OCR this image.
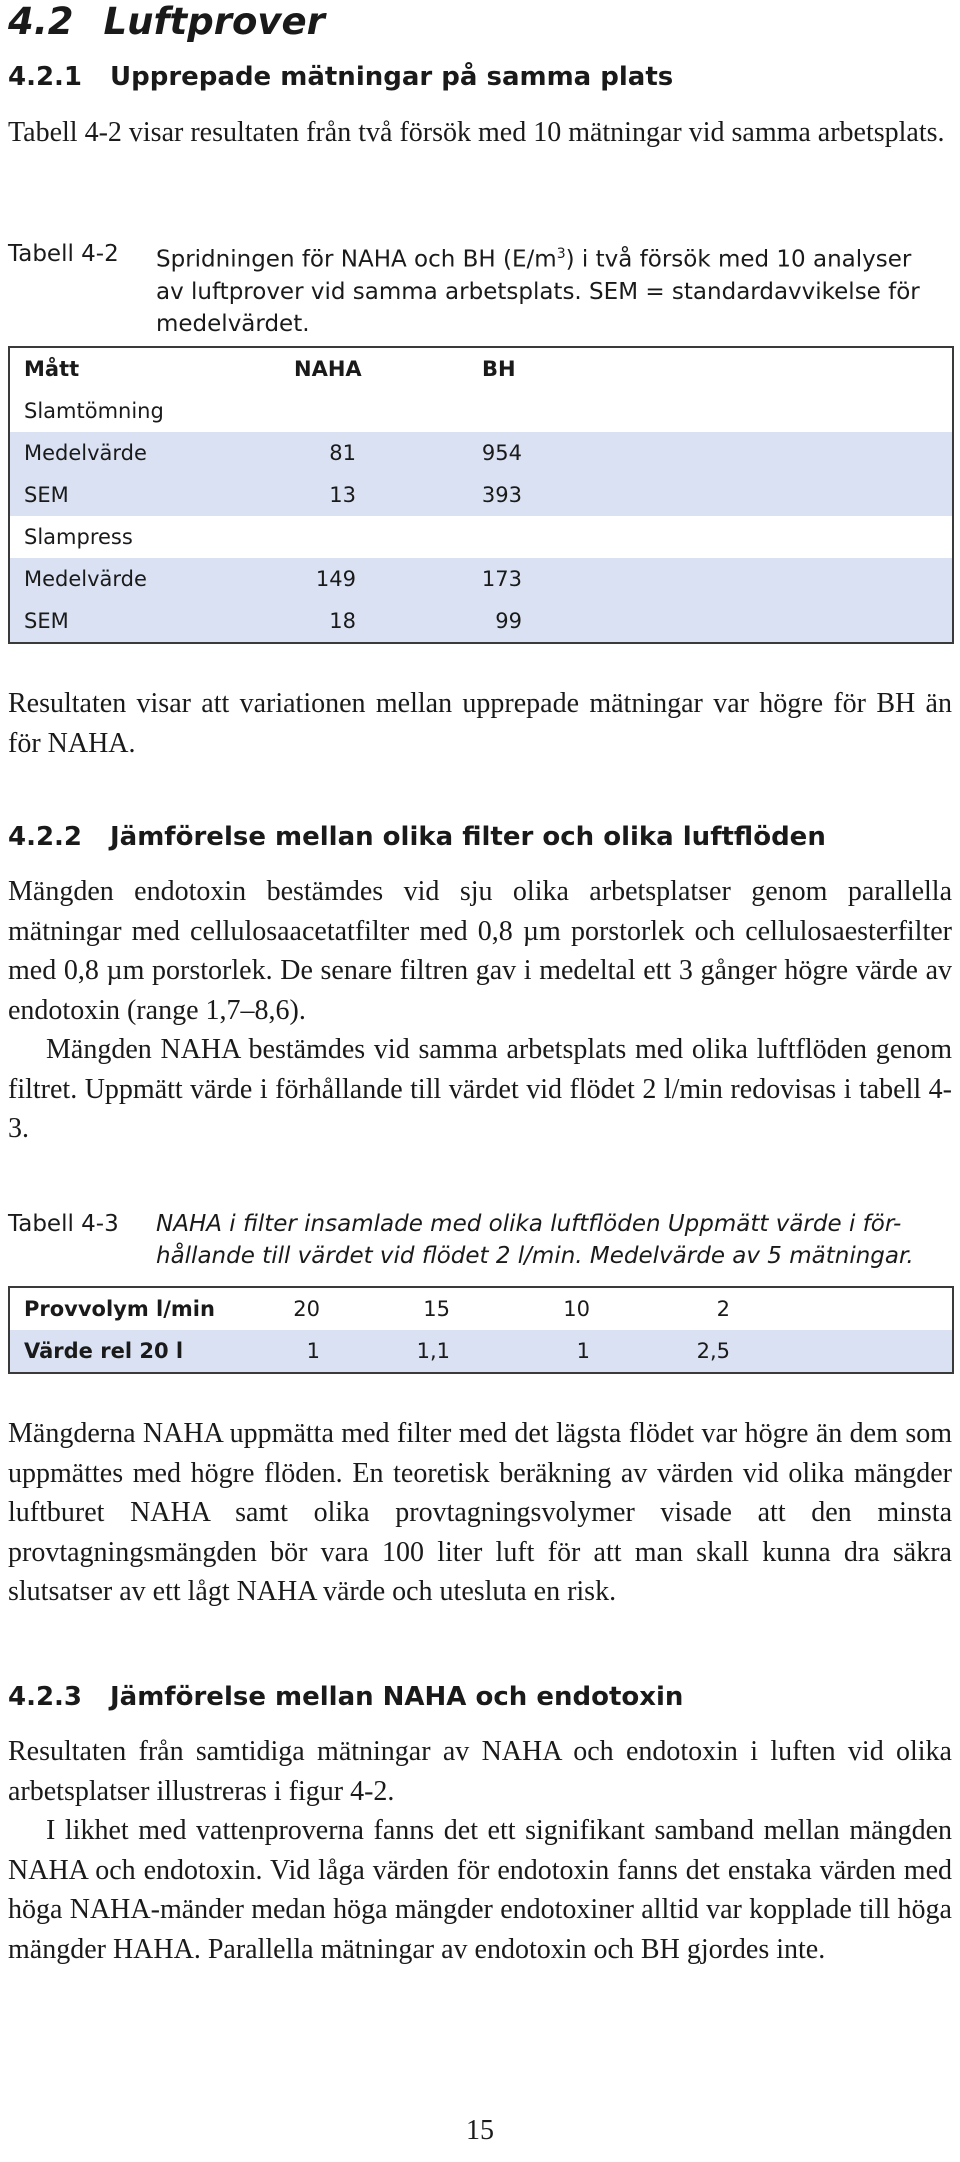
4.2 Luftprover
4.2.1 Upprepade mätningar på samma plats
Tabell 4-2 visar resultaten från två försök med 10 mätningar vid samma arbetsplats.
Tabell 4-2 Spridningen för NAHA och BH $(E/m^3)$ i två försök med 10 analyser
av luftprover vid samma arbetsplats. SEM = standardavvikelse för
medelvärdet.
Mått	NAHA	BH
Slamtömning
Medelvärde	81	954
SEM	13	393
Slampress
Medelvärde	149	173
SEM	18	99
Resultaten visar att variationen mellan upprepade mätningar var högre för BH än för NAHA.
4.2.2 Jämförelse mellan olika filter och olika luftflöden
Mängden endotoxin bestämdes vid sju olika arbetsplatser genom parallella mätningar med cellulosaacetatfilter med 0,8 µm porstorlek och cellulosaesterfilter med 0,8 µm porstorlek. De senare filtren gav i medeltal ett 3 gånger högre värde av endotoxin (range 1,7–8,6).
Mängden NAHA bestämdes vid samma arbetsplats med olika luftflöden genom filtret. Uppmätt värde i förhållande till värdet vid flödet 2 l/min redovisas i tabell 4-3.
Tabell 4-3 NAHA i filter insamlade med olika luftflöden Uppmätt värde i för-
hållande till värdet vid flödet 2 l/min. Medelvärde av 5 mätningar.
Provvolym l/min	20	15	10	2
Värde rel 20 l	1	1,1	1	2,5
Mängderna NAHA uppmätta med filter med det lägsta flödet var högre än dem som uppmättes med högre flöden. En teoretisk beräkning av värden vid olika mängder luftburet NAHA samt olika provtagningsvolymer visade att den minsta provtagningsmängden bör vara 100 liter luft för att man skall kunna dra säkra slutsatser av ett lågt NAHA värde och utesluta en risk.
4.2.3 Jämförelse mellan NAHA och endotoxin
Resultaten från samtidiga mätningar av NAHA och endotoxin i luften vid olika arbetsplatser illustreras i figur 4-2.
I likhet med vattenproverna fanns det ett signifikant samband mellan mängden NAHA och endotoxin. Vid låga värden för endotoxin fanns det enstaka värden med höga NAHA-mänder medan höga mängder endotoxiner alltid var kopplade till höga mängder HAHA. Parallella mätningar av endotoxin och BH gjordes inte.
15
